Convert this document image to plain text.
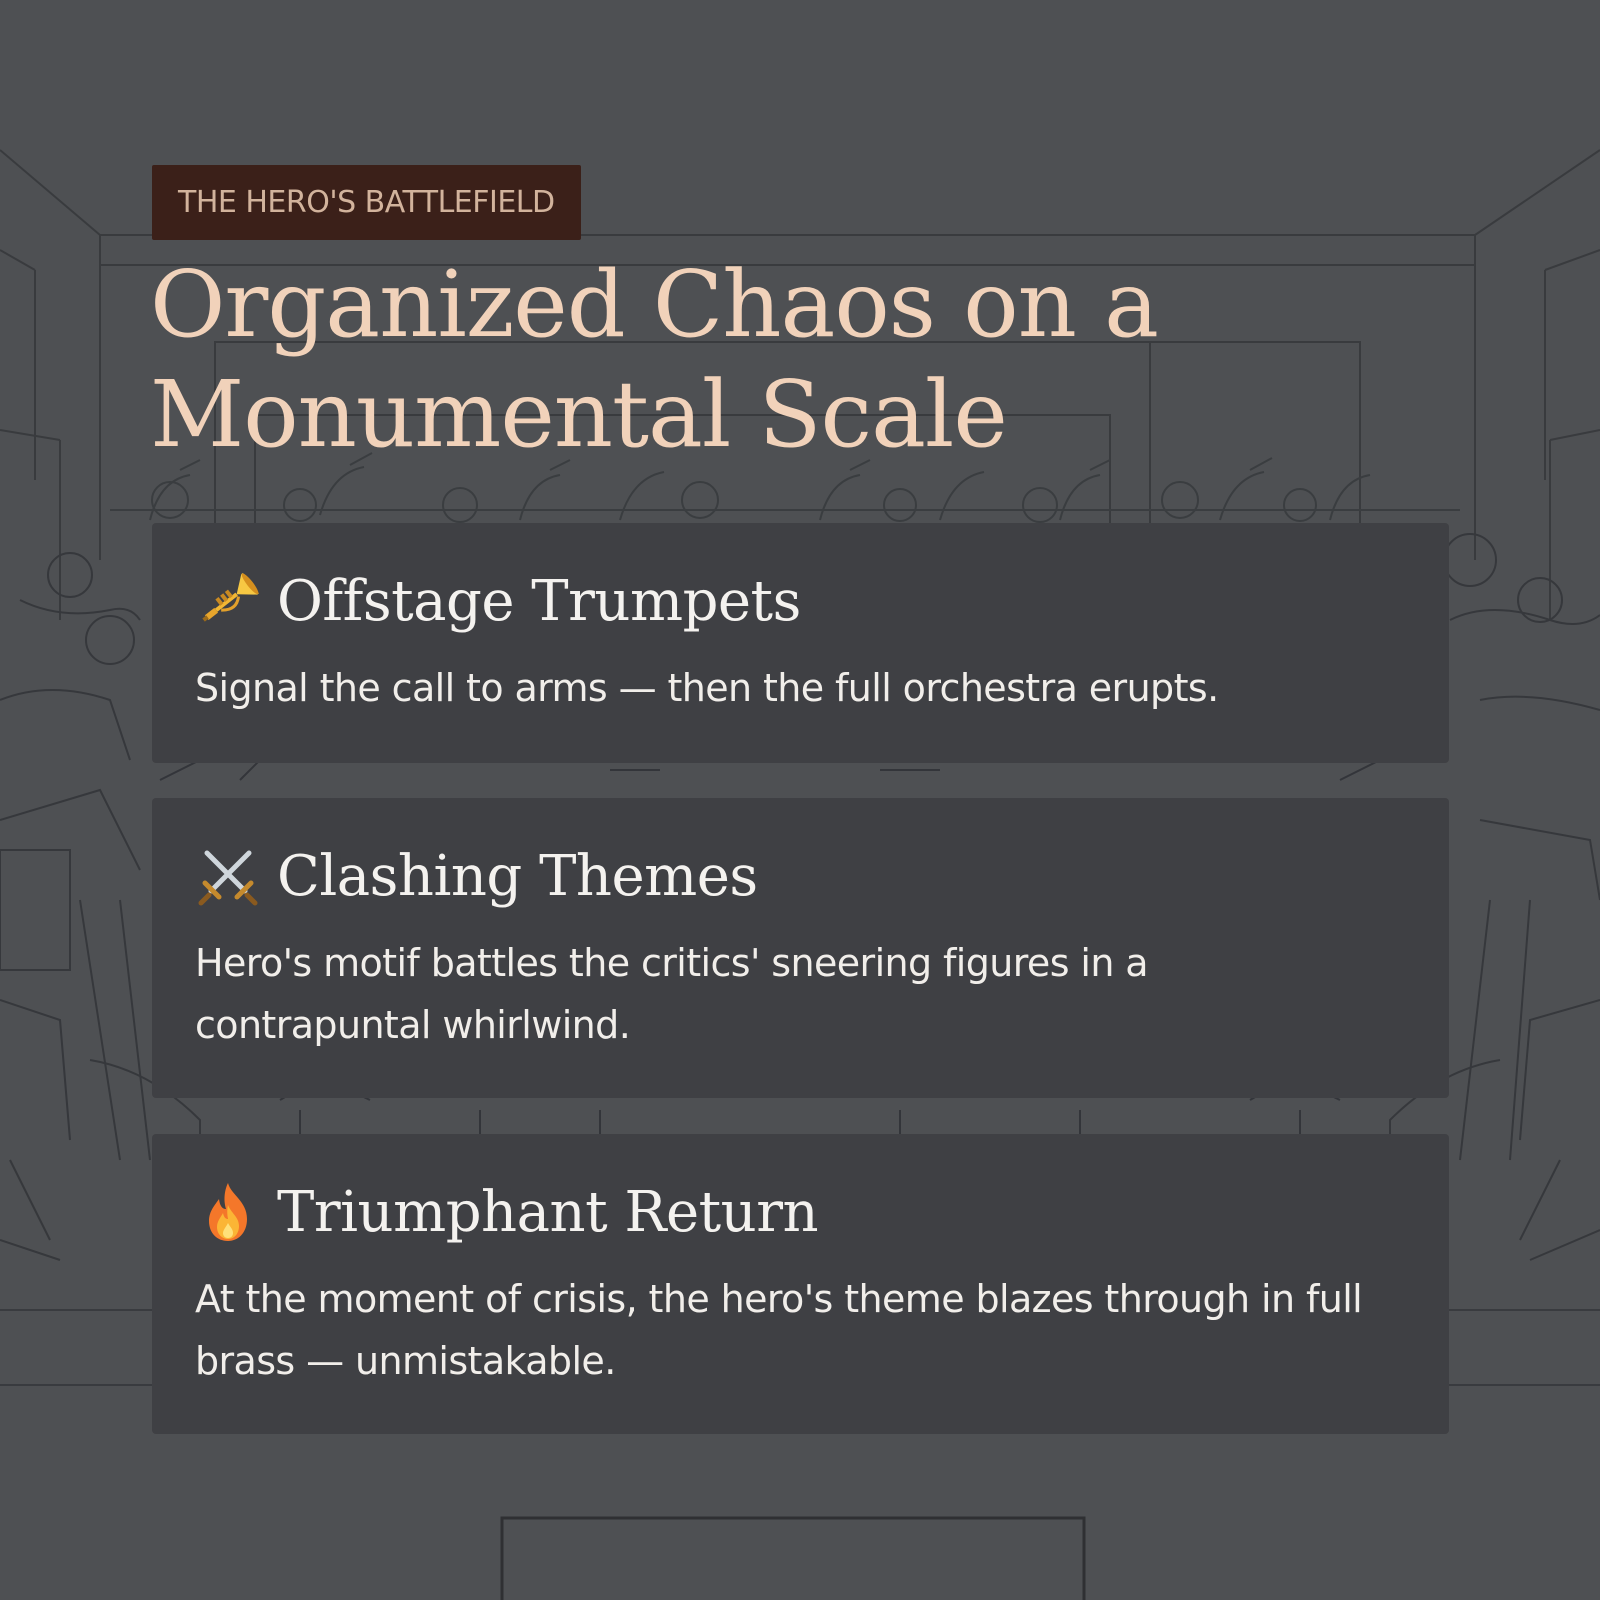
THE HERO'S BATTLEFIELD
Organized Chaos on a
Monumental Scale
Offstage Trumpets
Signal the call to arms — then the full orchestra erupts.
Clashing Themes
Hero's motif battles the critics' sneering figures in a contrapuntal whirlwind.
Triumphant Return
At the moment of crisis, the hero's theme blazes through in full brass — unmistakable.
